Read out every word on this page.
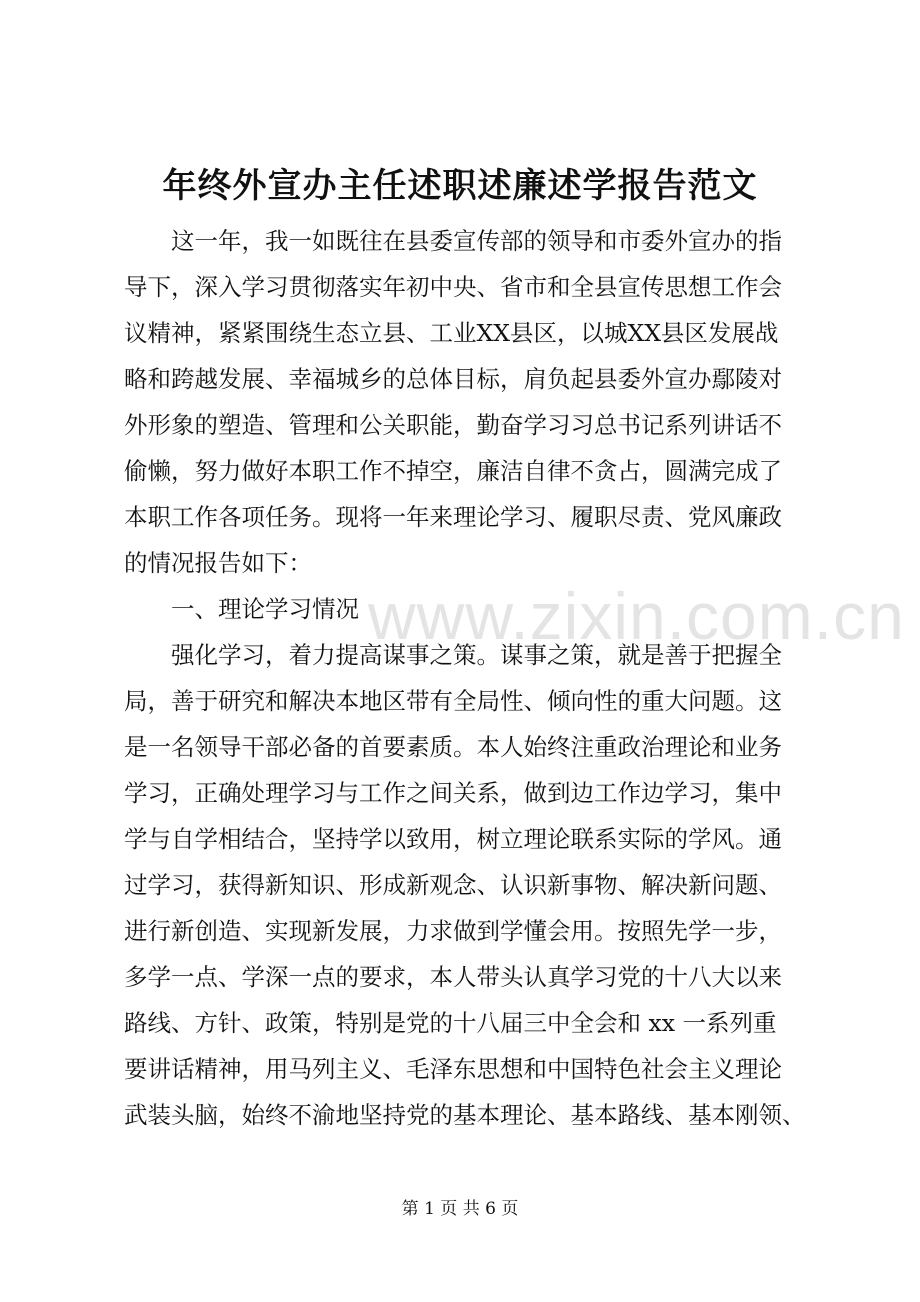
年终外宣办主任述职述廉述学报告范文
　　这一年，我一如既往在县委宣传部的领导和市委外宣办的指
导下，深入学习贯彻落实年初中央、省市和全县宣传思想工作会
议精神，紧紧围绕生态立县、工业XX县区，以城XX县区发展战
略和跨越发展、幸福城乡的总体目标，肩负起县委外宣办鄢陵对
外形象的塑造、管理和公关职能，勤奋学习习总书记系列讲话不
偷懒，努力做好本职工作不掉空，廉洁自律不贪占，圆满完成了
本职工作各项任务。现将一年来理论学习、履职尽责、党风廉政
的情况报告如下：
　　一、理论学习情况
　　强化学习，着力提高谋事之策。谋事之策，就是善于把握全
局，善于研究和解决本地区带有全局性、倾向性的重大问题。这
是一名领导干部必备的首要素质。本人始终注重政治理论和业务
学习，正确处理学习与工作之间关系，做到边工作边学习，集中
学与自学相结合，坚持学以致用，树立理论联系实际的学风。通
过学习，获得新知识、形成新观念、认识新事物、解决新问题、
进行新创造、实现新发展，力求做到学懂会用。按照先学一步，
多学一点、学深一点的要求，本人带头认真学习党的十八大以来
路线、方针、政策，特别是党的十八届三中全会和 xx 一系列重
要讲话精神，用马列主义、毛泽东思想和中国特色社会主义理论
武装头脑，始终不渝地坚持党的基本理论、基本路线、基本刚领、
www.zixin.com.cn
第 1 页 共 6 页
